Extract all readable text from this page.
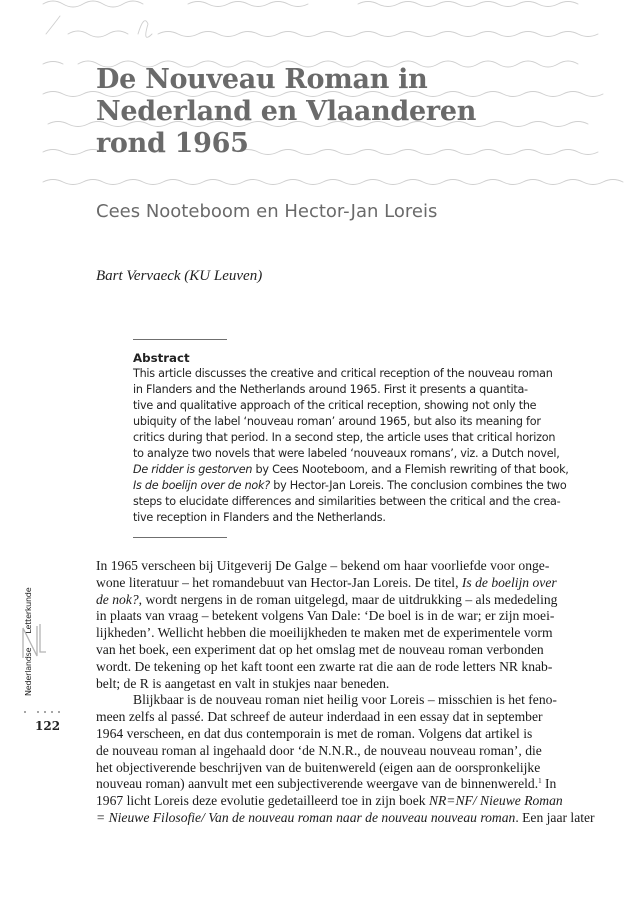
De Nouveau Roman in
Nederland en Vlaanderen
rond 1965
Cees Nooteboom en Hector-Jan Loreis
Bart Vervaeck (KU Leuven)
Abstract
This article discusses the creative and critical reception of the nouveau roman
in Flanders and the Netherlands around 1965. First it presents a quantita-
tive and qualitative approach of the critical reception, showing not only the
ubiquity of the label ‘nouveau roman’ around 1965, but also its meaning for
critics during that period. In a second step, the article uses that critical horizon
to analyze two novels that were labeled ‘nouveaux romans’, viz. a Dutch novel,
De ridder is gestorven by Cees Nooteboom, and a Flemish rewriting of that book,
Is de boelijn over de nok? by Hector-Jan Loreis. The conclusion combines the two
steps to elucidate differences and similarities between the critical and the crea-
tive reception in Flanders and the Netherlands.
In 1965 verscheen bij Uitgeverij De Galge – bekend om haar voorliefde voor onge-
wone literatuur – het romandebuut van Hector-Jan Loreis. De titel, Is de boelijn over
de nok?, wordt nergens in de roman uitgelegd, maar de uitdrukking – als mededeling
in plaats van vraag – betekent volgens Van Dale: ‘De boel is in de war; er zijn moei-
lijkheden’. Wellicht hebben die moeilijkheden te maken met de experimentele vorm
van het boek, een experiment dat op het omslag met de nouveau roman verbonden
wordt. De tekening op het kaft toont een zwarte rat die aan de rode letters NR knab-
belt; de R is aangetast en valt in stukjes naar beneden.
Blijkbaar is de nouveau roman niet heilig voor Loreis – misschien is het feno-
meen zelfs al passé. Dat schreef de auteur inderdaad in een essay dat in september
1964 verscheen, en dat dus contemporain is met de roman. Volgens dat artikel is
de nouveau roman al ingehaald door ‘de N.N.R., de nouveau nouveau roman’, die
het objectiverende beschrijven van de buitenwereld (eigen aan de oorspronkelijke
nouveau roman) aanvult met een subjectiverende weergave van de binnenwereld.$^1$ In
1967 licht Loreis deze evolutie gedetailleerd toe in zijn boek NR=NF/ Nieuwe Roman
= Nieuwe Filosofie/ Van de nouveau roman naar de nouveau nouveau roman. Een jaar later
NederlandseLetterkunde
122
